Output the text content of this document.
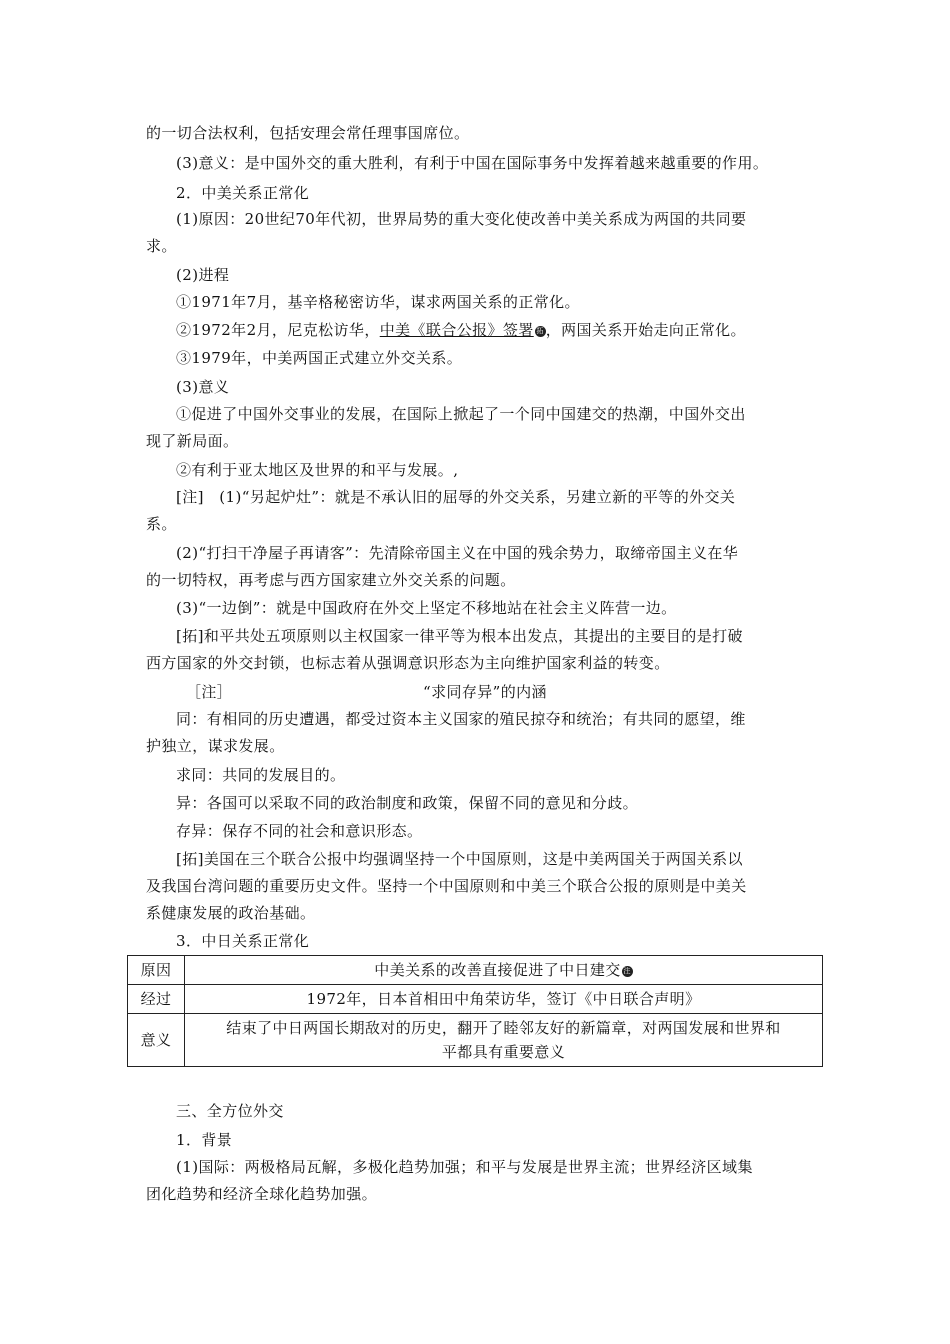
的一切合法权利，包括安理会常任理事国席位。
(3)意义：是中国外交的重大胜利，有利于中国在国际事务中发挥着越来越重要的作用。
2．中美关系正常化
(1)原因：20世纪70年代初，世界局势的重大变化使改善中美关系成为两国的共同要
求。
(2)进程
①1971年7月，基辛格秘密访华，谋求两国关系的正常化。
②1972年2月，尼克松访华，中美《联合公报》签署 拓 ，两国关系开始走向正常化。
③1979年，中美两国正式建立外交关系。
(3)意义
①促进了中国外交事业的发展，在国际上掀起了一个同中国建交的热潮，中国外交出
现了新局面。
②有利于亚太地区及世界的和平与发展。,
[注]　(1)“另起炉灶”：就是不承认旧的屈辱的外交关系，另建立新的平等的外交关
系。
(2)“打扫干净屋子再请客”：先清除帝国主义在中国的残余势力，取缔帝国主义在华
的一切特权，再考虑与西方国家建立外交关系的问题。
(3)“一边倒”：就是中国政府在外交上坚定不移地站在社会主义阵营一边。
[拓]和平共处五项原则以主权国家一律平等为根本出发点，其提出的主要目的是打破
西方国家的外交封锁，也标志着从强调意识形态为主向维护国家利益的转变。
［注］	“求同存异”的内涵
同：有相同的历史遭遇，都受过资本主义国家的殖民掠夺和统治；有共同的愿望，维
护独立，谋求发展。
求同：共同的发展目的。
异：各国可以采取不同的政治制度和政策，保留不同的意见和分歧。
存异：保存不同的社会和意识形态。
[拓]美国在三个联合公报中均强调坚持一个中国原则，这是中美两国关于两国关系以
及我国台湾问题的重要历史文件。坚持一个中国原则和中美三个联合公报的原则是中美关
系健康发展的政治基础。
3．中日关系正常化
原因	中美关系的改善直接促进了中日建交 注
经过	1972年，日本首相田中角荣访华，签订《中日联合声明》
意义	结束了中日两国长期敌对的历史，翻开了睦邻友好的新篇章，对两国发展和世界和
平都具有重要意义
三、全方位外交
1．背景
(1)国际：两极格局瓦解，多极化趋势加强；和平与发展是世界主流；世界经济区域集
团化趋势和经济全球化趋势加强。
